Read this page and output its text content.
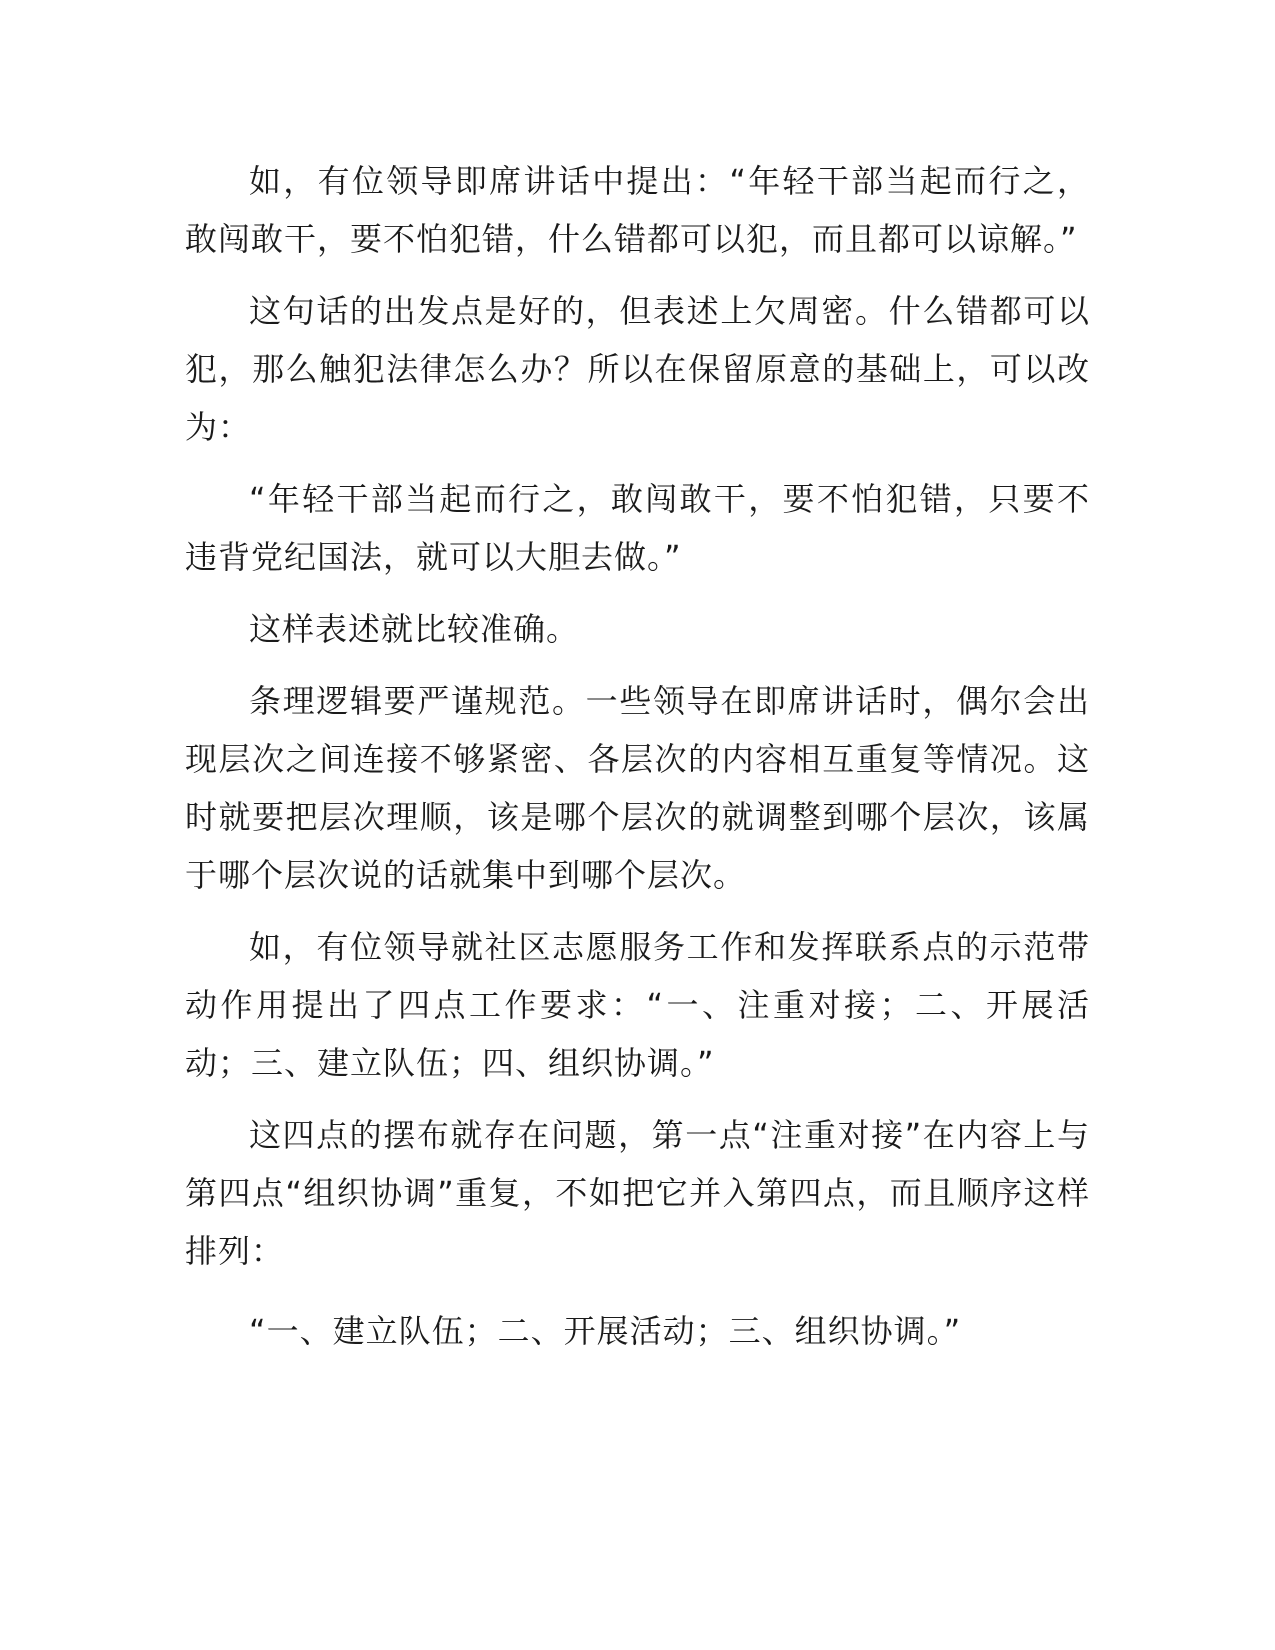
如，有位领导即席讲话中提出：“年轻干部当起而行之，敢闯敢干，要不怕犯错，什么错都可以犯，而且都可以谅解。”

这句话的出发点是好的，但表述上欠周密。什么错都可以犯，那么触犯法律怎么办？所以在保留原意的基础上，可以改为：

“年轻干部当起而行之，敢闯敢干，要不怕犯错，只要不违背党纪国法，就可以大胆去做。”

这样表述就比较准确。

条理逻辑要严谨规范。一些领导在即席讲话时，偶尔会出现层次之间连接不够紧密、各层次的内容相互重复等情况。这时就要把层次理顺，该是哪个层次的就调整到哪个层次，该属于哪个层次说的话就集中到哪个层次。

如，有位领导就社区志愿服务工作和发挥联系点的示范带动作用提出了四点工作要求：“一、注重对接；二、开展活动；三、建立队伍；四、组织协调。”

这四点的摆布就存在问题，第一点“注重对接”在内容上与第四点“组织协调”重复，不如把它并入第四点，而且顺序这样排列：

“一、建立队伍；二、开展活动；三、组织协调。”
